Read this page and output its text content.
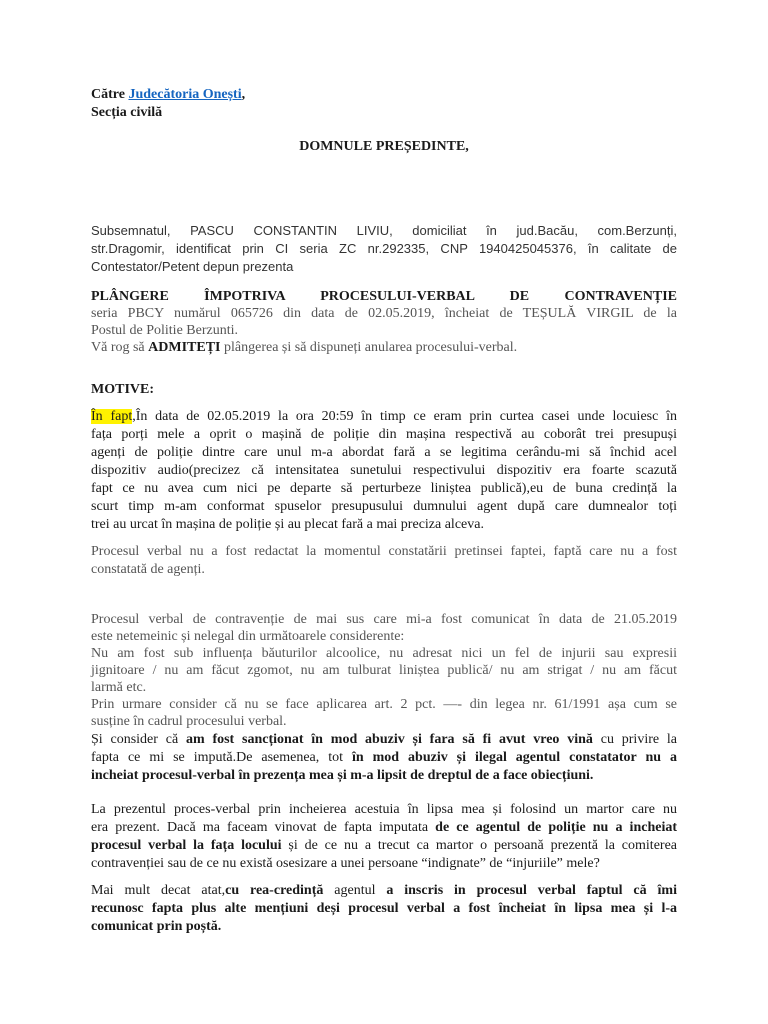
Către Judecătoria Onești,
Secția civilă
DOMNULE PREȘEDINTE,
Subsemnatul, PASCU CONSTANTIN LIVIU, domiciliat în jud.Bacău, com.Berzunți,
str.Dragomir, identificat prin CI seria ZC nr.292335, CNP 1940425045376, în calitate de
Contestator/Petent depun prezenta
PLÂNGERE ÎMPOTRIVA PROCESULUI-VERBAL DE CONTRAVENȚIE
seria PBCY numărul 065726 din data de 02.05.2019, încheiat de TEȘULĂ VIRGIL de la
Postul de Politie Berzunti.
Vă rog să ADMITEȚI plângerea și să dispuneți anularea procesului-verbal.
MOTIVE:
În fapt,În data de 02.05.2019 la ora 20:59 în timp ce eram prin curtea casei unde locuiesc în
fața porți mele a oprit o mașină de poliție din mașina respectivă au coborât trei presupuși
agenți de poliție dintre care unul m-a abordat fară a se legitima cerându-mi să închid acel
dispozitiv audio(precizez că intensitatea sunetului respectivului dispozitiv era foarte scazută
fapt ce nu avea cum nici pe departe să perturbeze liniștea publică),eu de buna credință la
scurt timp m-am conformat spuselor presupusului dumnului agent după care dumnealor toți
trei au urcat în mașina de poliție și au plecat fară a mai preciza alceva.
Procesul verbal nu a fost redactat la momentul constatării pretinsei faptei, faptă care nu a fost
constatată de agenți.
Procesul verbal de contravenție de mai sus care mi-a fost comunicat în data de 21.05.2019
este netemeinic și nelegal din următoarele considerente:
Nu am fost sub influența băuturilor alcoolice, nu adresat nici un fel de injurii sau expresii
jignitoare / nu am făcut zgomot, nu am tulburat liniștea publică/ nu am strigat / nu am făcut
larmă etc.
Prin urmare consider că nu se face aplicarea art. 2 pct. —- din legea nr. 61/1991 așa cum se
susține în cadrul procesului verbal.
Și consider că am fost sancționat în mod abuziv și fara să fi avut vreo vină cu privire la
fapta ce mi se impută.De asemenea, tot în mod abuziv și ilegal agentul constatator nu a
incheiat procesul-verbal în prezența mea și m-a lipsit de dreptul de a face obiecțiuni.
La prezentul proces-verbal prin incheierea acestuia în lipsa mea și folosind un martor care nu
era prezent. Dacă ma faceam vinovat de fapta imputata de ce agentul de poliție nu a incheiat
procesul verbal la fața locului și de ce nu a trecut ca martor o persoană prezentă la comiterea
contravenției sau de ce nu există osesizare a unei persoane “indignate” de “injuriile” mele?
Mai mult decat atat,cu rea-credință agentul a inscris in procesul verbal faptul că îmi
recunosc fapta plus alte mențiuni deși procesul verbal a fost încheiat în lipsa mea și l-a
comunicat prin poștă.
